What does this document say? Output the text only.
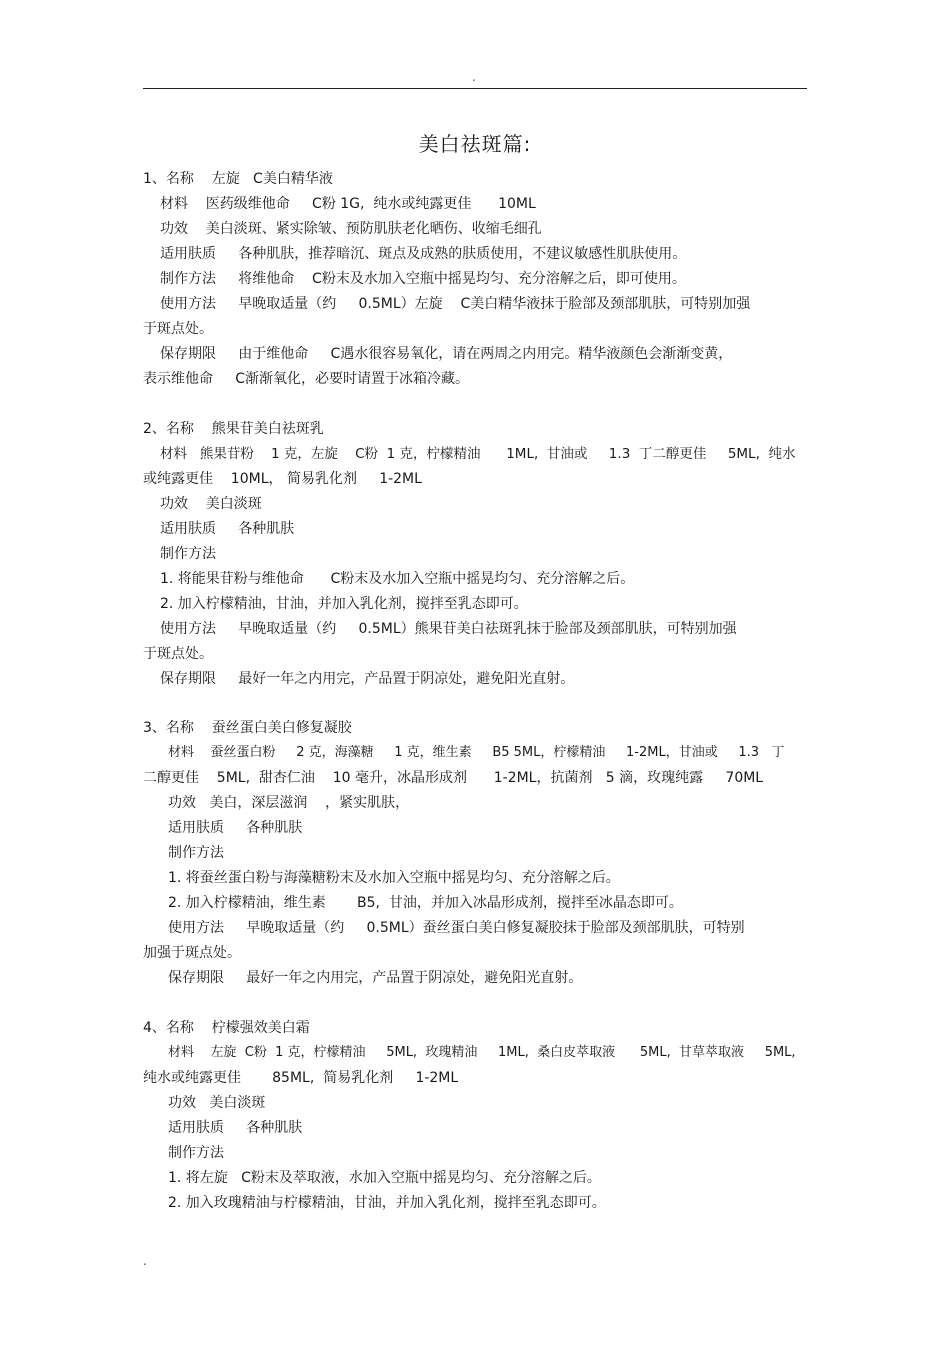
.
美白祛斑篇:
1、名称    左旋   C美白精华液
材料    医药级维他命     C粉 1G,  纯水或纯露更佳      10ML
功效    美白淡斑、紧实除皱、预防肌肤老化晒伤、收缩毛细孔
适用肤质     各种肌肤，推荐暗沉、斑点及成熟的肤质使用，不建议敏感性肌肤使用。
制作方法     将维他命    C粉末及水加入空瓶中摇晃均匀、充分溶解之后，即可使用。
使用方法     早晚取适量（约     0.5ML）左旋    C美白精华液抹于脸部及颈部肌肤，可特别加强
于斑点处。
保存期限     由于维他命     C遇水很容易氧化，请在两周之内用完。精华液颜色会渐渐变黄，
表示维他命     C渐渐氧化，必要时请置于冰箱冷藏。
2、名称    熊果苷美白祛斑乳
材料   熊果苷粉    1 克，左旋    C粉  1 克，柠檬精油      1ML,  甘油或     1.3  丁二醇更佳     5ML,  纯水
或纯露更佳    10ML， 简易乳化剂     1-2ML
功效    美白淡斑
适用肤质     各种肌肤
制作方法
1. 将能果苷粉与维他命      C粉末及水加入空瓶中摇晃均匀、充分溶解之后。
2. 加入柠檬精油，甘油，并加入乳化剂，搅拌至乳态即可。
使用方法     早晚取适量（约     0.5ML）熊果苷美白祛斑乳抹于脸部及颈部肌肤，可特别加强
于斑点处。
保存期限     最好一年之内用完，产品置于阴凉处，避免阳光直射。
3、名称    蚕丝蛋白美白修复凝胶
材料    蚕丝蛋白粉     2 克，海藻糖     1 克，维生素     B5 5ML，柠檬精油     1-2ML，甘油或     1.3   丁
二醇更佳    5ML,  甜杏仁油    10 毫升，冰晶形成剂      1-2ML，抗菌剂   5 滴，玫瑰纯露     70ML
功效   美白，深层滋润    ，紧实肌肤，
适用肤质     各种肌肤
制作方法
1. 将蚕丝蛋白粉与海藻糖粉末及水加入空瓶中摇晃均匀、充分溶解之后。
2. 加入柠檬精油，维生素       B5,  甘油，并加入冰晶形成剂，搅拌至冰晶态即可。
使用方法     早晚取适量（约     0.5ML）蚕丝蛋白美白修复凝胶抹于脸部及颈部肌肤，可特别
加强于斑点处。
保存期限     最好一年之内用完，产品置于阴凉处，避免阳光直射。
4、名称    柠檬强效美白霜
材料    左旋  C粉  1 克，柠檬精油     5ML,  玫瑰精油     1ML,  桑白皮萃取液      5ML,  甘草萃取液     5ML,
纯水或纯露更佳       85ML,  简易乳化剂     1-2ML
功效   美白淡斑
适用肤质     各种肌肤
制作方法
1. 将左旋   C粉末及萃取液，水加入空瓶中摇晃均匀、充分溶解之后。
2. 加入玫瑰精油与柠檬精油，甘油，并加入乳化剂，搅拌至乳态即可。
.
